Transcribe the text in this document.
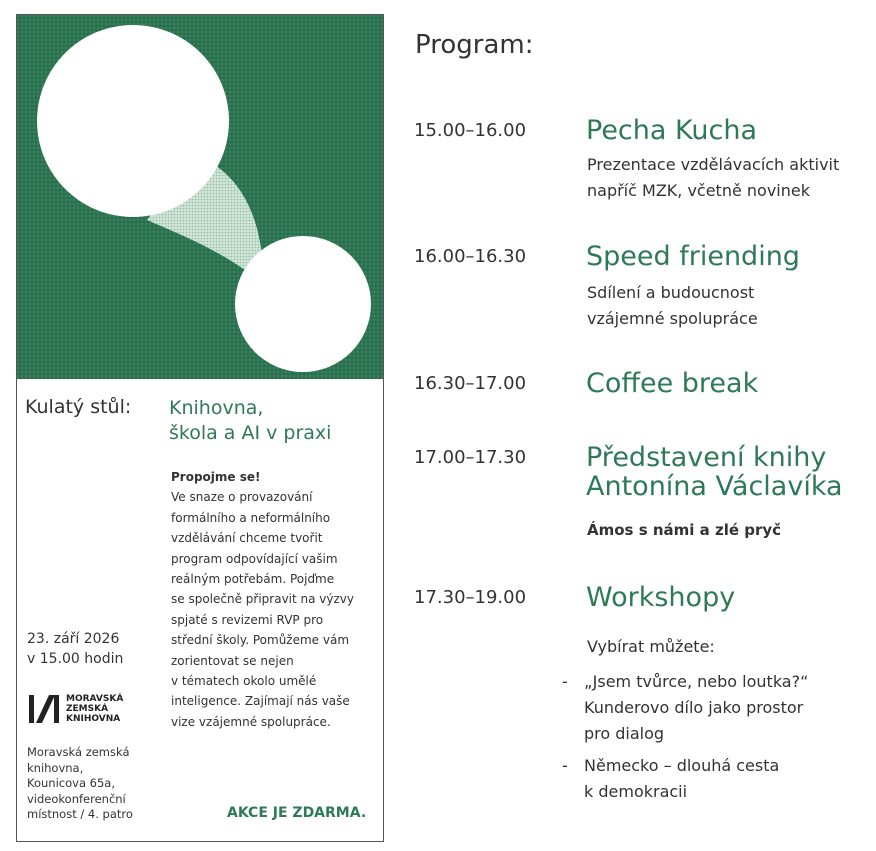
Kulatý stůl: Knihovna,
škola a AI v praxi
Propojme se!
Ve snaze o provazování
formálního a neformálního
vzdělávání chceme tvořit
program odpovídající vašim
reálným potřebám. Pojďme
se společně připravit na výzvy
spjaté s revizemi RVP pro
střední školy. Pomůžeme vám
zorientovat se nejen
v tématech okolo umělé
inteligence. Zajímají nás vaše
vize vzájemné spolupráce.
23. září 2026
v 15.00 hodin
MORAVSKÁ
ZEMSKÁ
KNIHOVNA
Moravská zemská
knihovna,
Kounicova 65a,
videokonferenční
místnost / 4. patro	AKCE JE ZDARMA.
Program:
15.00–16.00 Pecha Kucha
Prezentace vzdělávacích aktivit
napříč MZK, včetně novinek
16.00–16.30 Speed friending
Sdílení a budoucnost
vzájemné spolupráce
16.30–17.00 Coffee break
17.00–17.30 Představení knihy
Antonína Václavíka
Ámos s námi a zlé pryč
17.30–19.00 Workshopy
Vybírat můžete:
- „Jsem tvůrce, nebo loutka?“
Kunderovo dílo jako prostor
pro dialog
- Německo – dlouhá cesta
k demokracii
